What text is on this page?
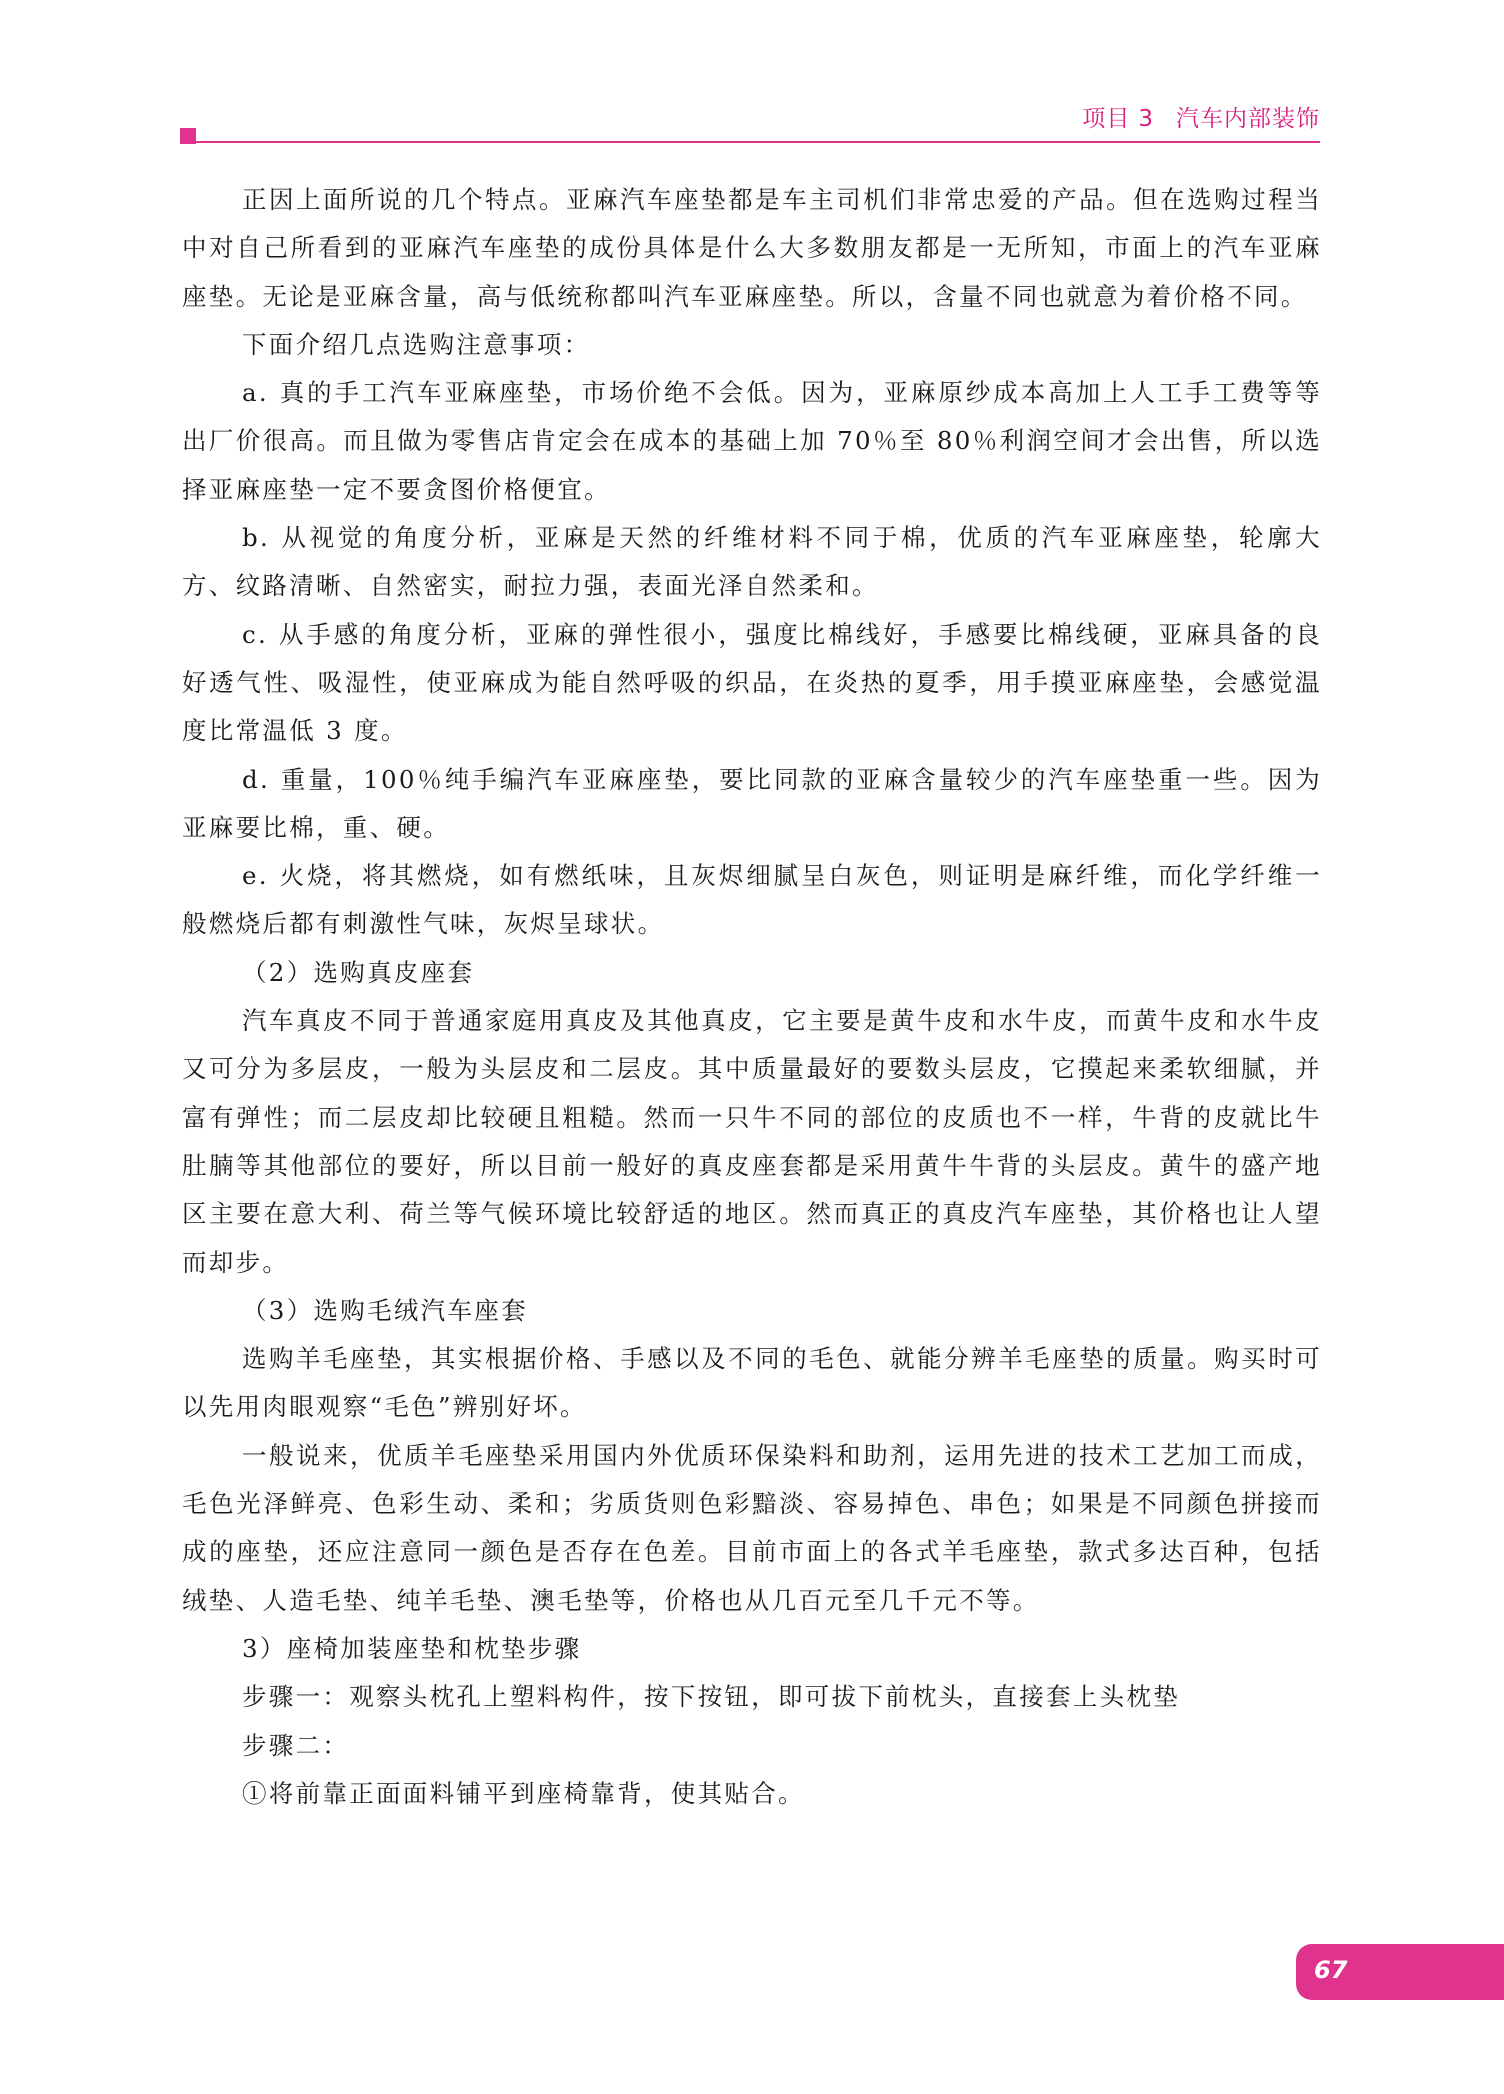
项目 3 汽车内部装饰

正因上面所说的几个特点。亚麻汽车座垫都是车主司机们非常忠爱的产品。但在选购过程当中对自己所看到的亚麻汽车座垫的成份具体是什么大多数朋友都是一无所知，市面上的汽车亚麻座垫。无论是亚麻含量，高与低统称都叫汽车亚麻座垫。所以，含量不同也就意为着价格不同。

下面介绍几点选购注意事项：

a. 真的手工汽车亚麻座垫，市场价绝不会低。因为，亚麻原纱成本高加上人工手工费等等出厂价很高。而且做为零售店肯定会在成本的基础上加 70％至 80％利润空间才会出售，所以选择亚麻座垫一定不要贪图价格便宜。

b. 从视觉的角度分析，亚麻是天然的纤维材料不同于棉，优质的汽车亚麻座垫，轮廓大方、纹路清晰、自然密实，耐拉力强，表面光泽自然柔和。

c. 从手感的角度分析，亚麻的弹性很小，强度比棉线好，手感要比棉线硬，亚麻具备的良好透气性、吸湿性，使亚麻成为能自然呼吸的织品，在炎热的夏季，用手摸亚麻座垫，会感觉温度比常温低 3 度。

d. 重量，100％纯手编汽车亚麻座垫，要比同款的亚麻含量较少的汽车座垫重一些。因为亚麻要比棉，重、硬。

e. 火烧，将其燃烧，如有燃纸味，且灰烬细腻呈白灰色，则证明是麻纤维，而化学纤维一般燃烧后都有刺激性气味，灰烬呈球状。

（2）选购真皮座套

汽车真皮不同于普通家庭用真皮及其他真皮，它主要是黄牛皮和水牛皮，而黄牛皮和水牛皮又可分为多层皮，一般为头层皮和二层皮。其中质量最好的要数头层皮，它摸起来柔软细腻，并富有弹性；而二层皮却比较硬且粗糙。然而一只牛不同的部位的皮质也不一样，牛背的皮就比牛肚腩等其他部位的要好，所以目前一般好的真皮座套都是采用黄牛牛背的头层皮。黄牛的盛产地区主要在意大利、荷兰等气候环境比较舒适的地区。然而真正的真皮汽车座垫，其价格也让人望而却步。

（3）选购毛绒汽车座套

选购羊毛座垫，其实根据价格、手感以及不同的毛色、就能分辨羊毛座垫的质量。购买时可以先用肉眼观察“毛色”辨别好坏。

一般说来，优质羊毛座垫采用国内外优质环保染料和助剂，运用先进的技术工艺加工而成，毛色光泽鲜亮、色彩生动、柔和；劣质货则色彩黯淡、容易掉色、串色；如果是不同颜色拼接而成的座垫，还应注意同一颜色是否存在色差。目前市面上的各式羊毛座垫，款式多达百种，包括绒垫、人造毛垫、纯羊毛垫、澳毛垫等，价格也从几百元至几千元不等。

3）座椅加装座垫和枕垫步骤

步骤一：观察头枕孔上塑料构件，按下按钮，即可拔下前枕头，直接套上头枕垫

步骤二：

①将前靠正面面料铺平到座椅靠背，使其贴合。

67
